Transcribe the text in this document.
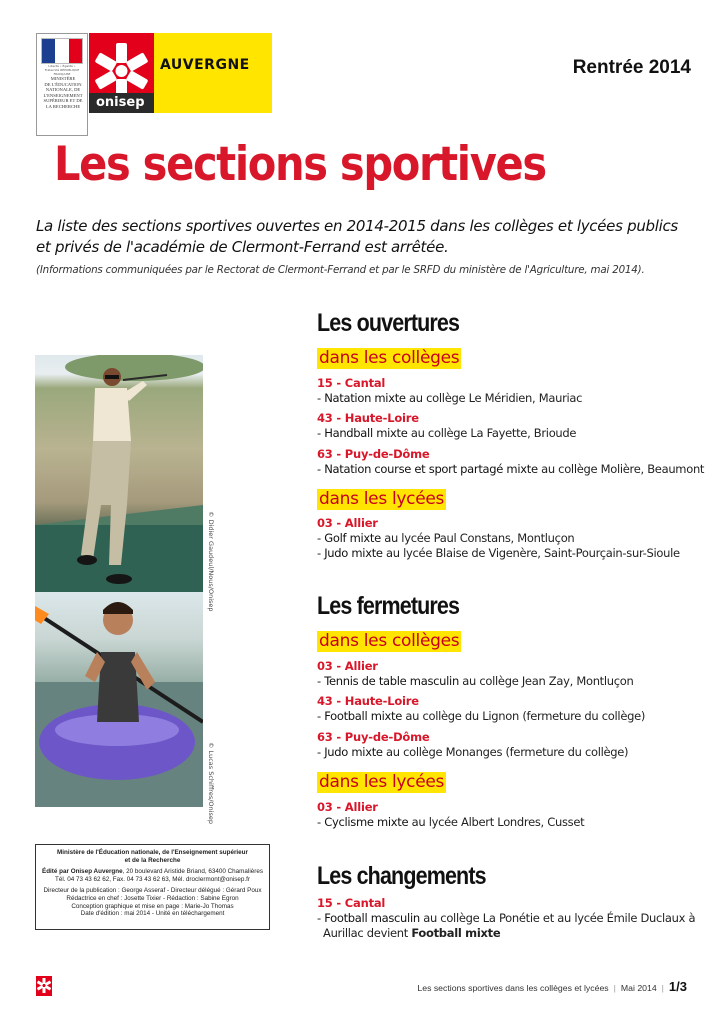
Liberté • Égalité • Fraternité RÉPUBLIQUE FRANÇAISE
MINISTÈRE
DE L'ÉDUCATION
NATIONALE, DE
L'ENSEIGNEMENT
SUPÉRIEUR ET DE
LA RECHERCHE	onisep
AUVERGNE	Rentrée 2014
Les sections sportives

La liste des sections sportives ouvertes en 2014-2015 dans les collèges et lycées publics et privés de l'académie de Clermont-Ferrand est arrêtée.

(Informations communiquées par le Rectorat de Clermont-Ferrand et par le SRFD du ministère de l'Agriculture, mai 2014).

© Didier Gaudeul/Nous/Onisep
© Lucas Schiffres/Onisep
Les ouvertures
dans les collèges
15 - Cantal
- Natation mixte au collège Le Méridien, Mauriac
43 - Haute-Loire
- Handball mixte au collège La Fayette, Brioude
63 - Puy-de-Dôme
- Natation course et sport partagé mixte au collège Molière, Beaumont
dans les lycées
03 - Allier
- Golf mixte au lycée Paul Constans, Montluçon
- Judo mixte au lycée Blaise de Vigenère, Saint-Pourçain-sur-Sioule
Les fermetures
dans les collèges
03 - Allier
- Tennis de table masculin au collège Jean Zay, Montluçon
43 - Haute-Loire
- Football mixte au collège du Lignon (fermeture du collège)
63 - Puy-de-Dôme
- Judo mixte au collège Monanges (fermeture du collège)
dans les lycées
03 - Allier
- Cyclisme mixte au lycée Albert Londres, Cusset
Les changements
15 - Cantal
- Football masculin au collège La Ponétie et au lycée Émile Duclaux à
Aurillac devient Football mixte
Ministère de l'Éducation nationale, de l'Enseignement supérieur
et de la Recherche
Édité par Onisep Auvergne, 20 boulevard Aristide Briand, 63400 Chamalières
Tél. 04 73 43 62 62, Fax. 04 73 43 62 63, Mél. drocIermont@onisep.fr
Directeur de la publication : George Asseraf - Directeur délégué : Gérard Poux
Rédactrice en chef : Josette Tixier - Rédaction : Sabine Egron
Conception graphique et mise en page : Marie-Jo Thomas
Date d'édition : mai 2014 - Unité en téléchargement
Les sections sportives dans les collèges et lycées | Mai 2014 | 1/3
